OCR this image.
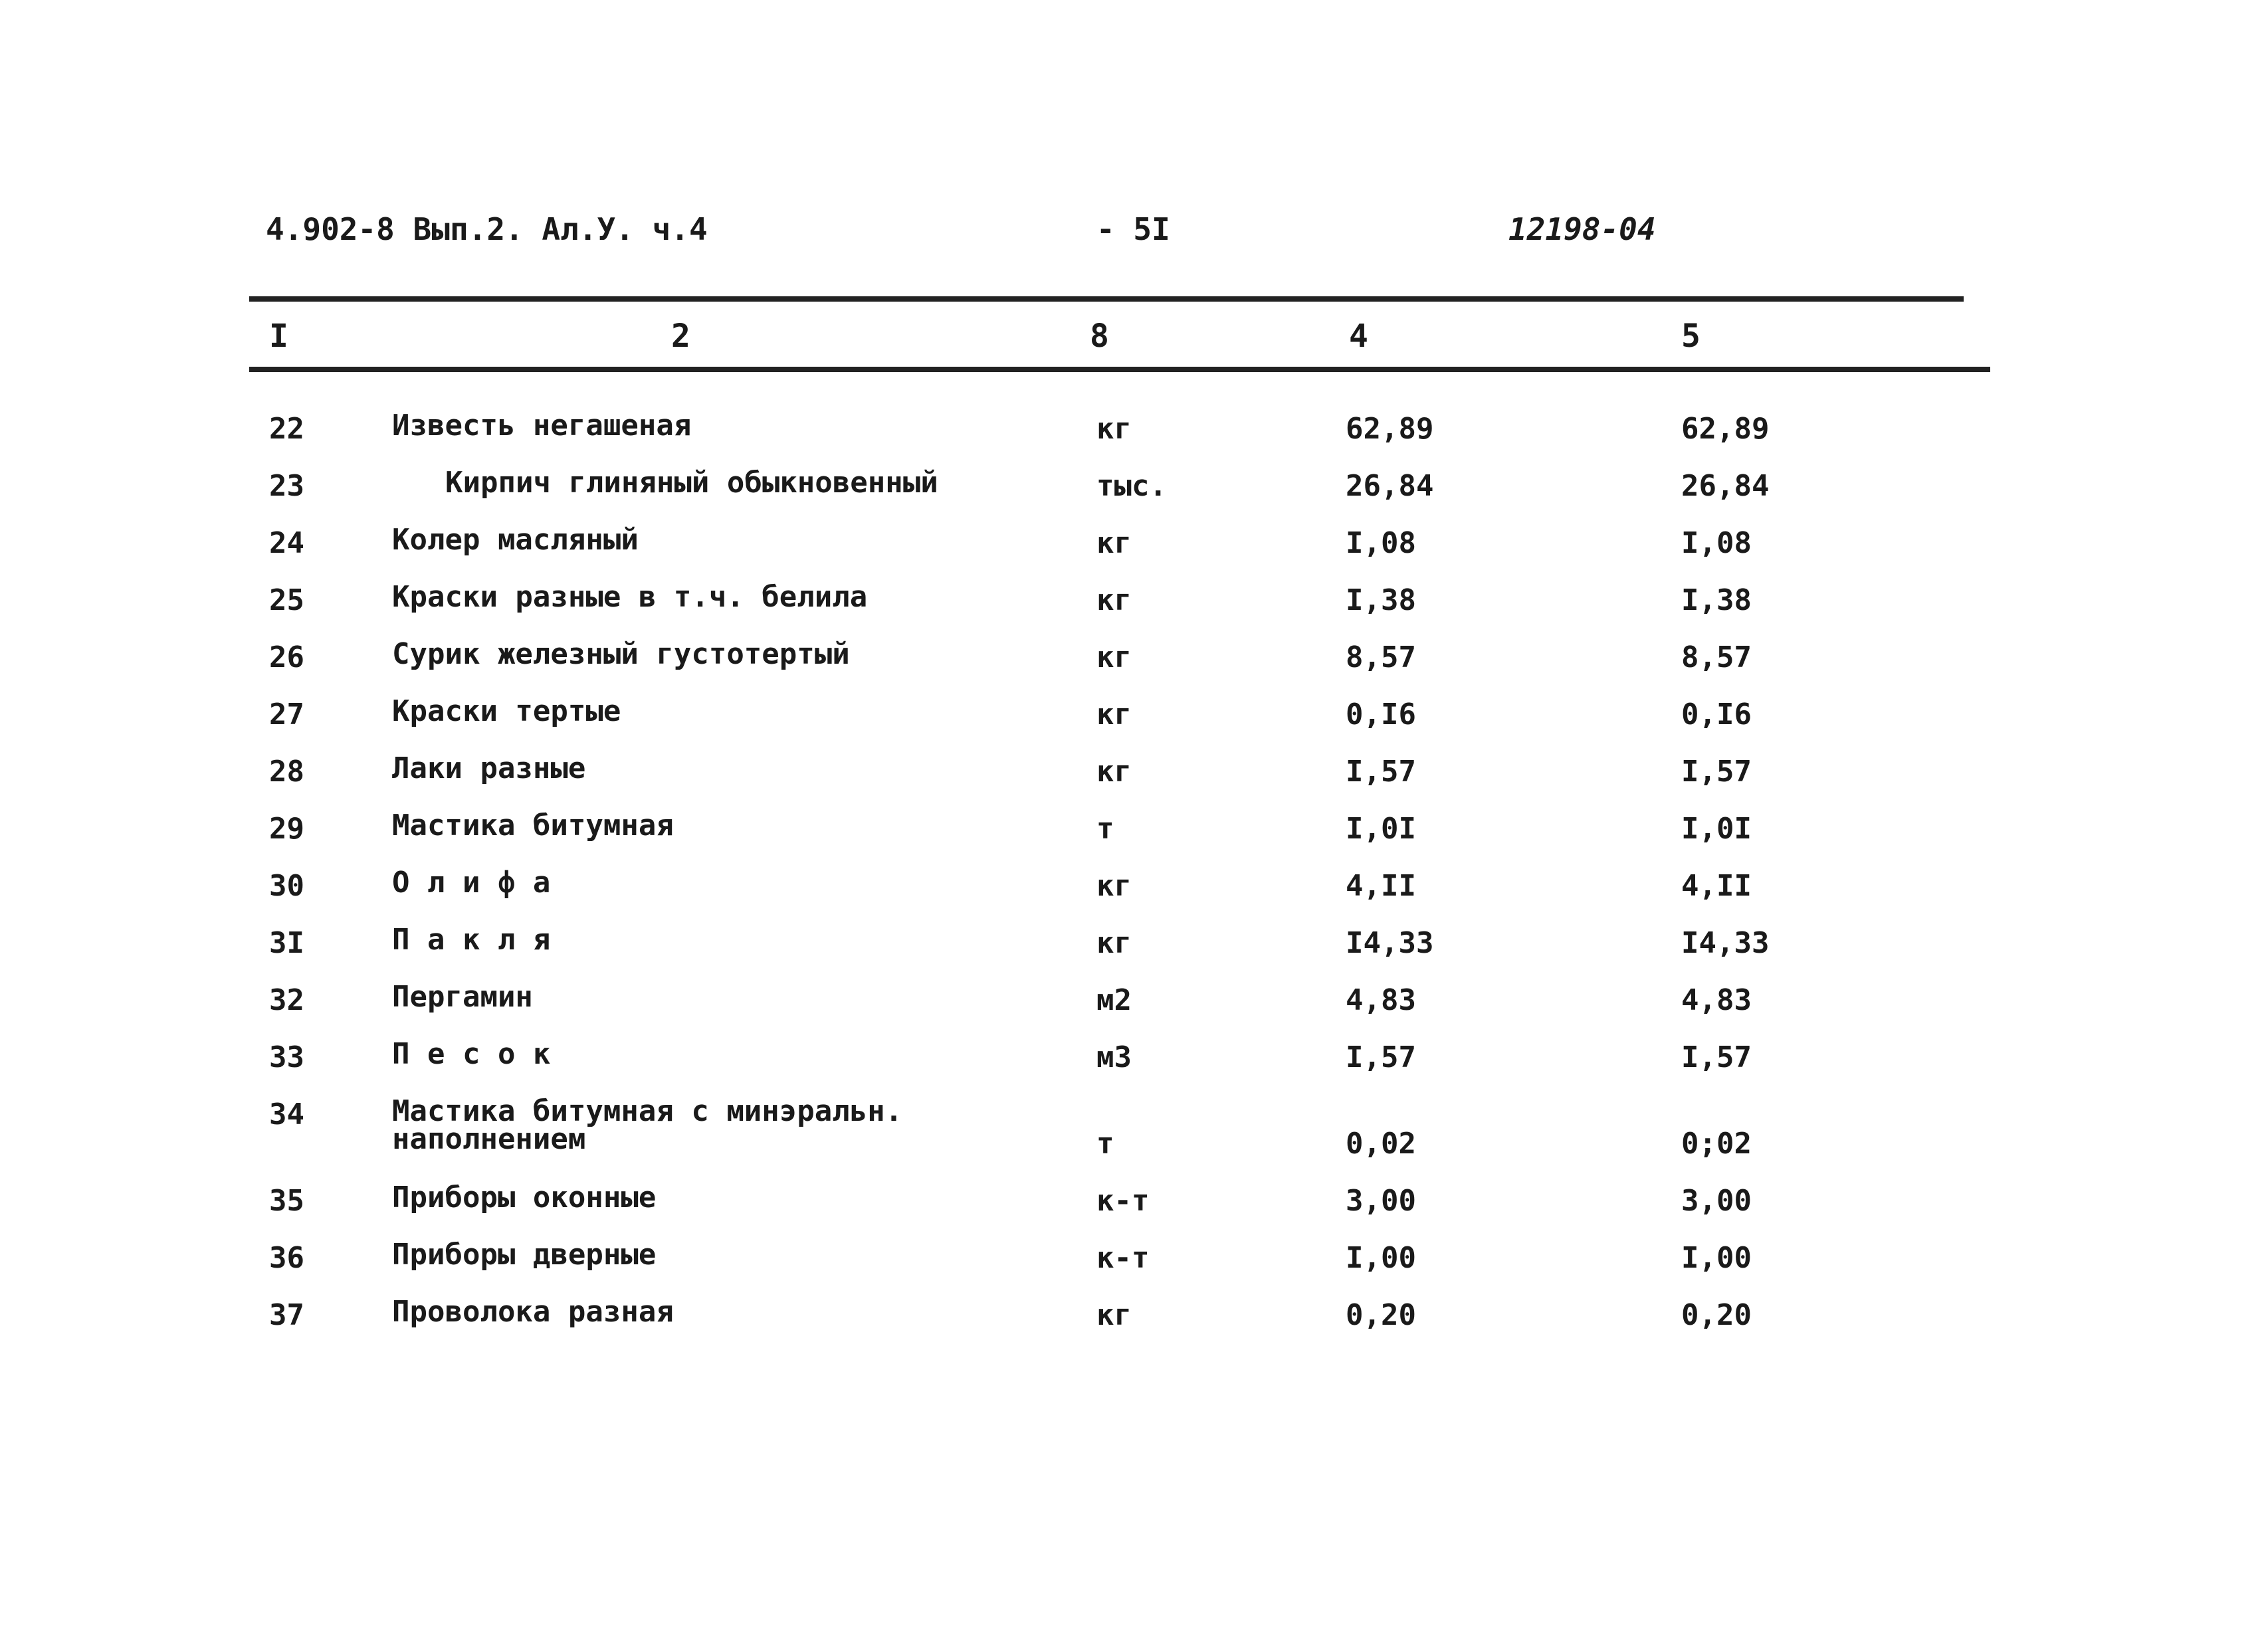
4.902-8 Вып.2. Ал.У. ч.4	- 5I	12198-04
I	2	8	4	5
22	Известь негашеная	кг	62,89	62,89
23	Кирпич глиняный обыкновенный	тыс.	26,84	26,84
24	Колер масляный	кг	I,08	I,08
25	Краски разные в т.ч. белила	кг	I,38	I,38
26	Сурик железный густотертый	кг	8,57	8,57
27	Краски тертые	кг	0,I6	0,I6
28	Лаки разные	кг	I,57	I,57
29	Мастика битумная	т	I,0I	I,0I
30	О л и ф а	кг	4,II	4,II
3I	П а к л я	кг	I4,33	I4,33
32	Пергамин	м2	4,83	4,83
33	П е с о к	м3	I,57	I,57
34	Мастика битумная с минэральн.
наполнением	т	0,02	0;02
35	Приборы оконные	к-т	3,00	3,00
36	Приборы дверные	к-т	I,00	I,00
37	Проволока разная	кг	0,20	0,20
